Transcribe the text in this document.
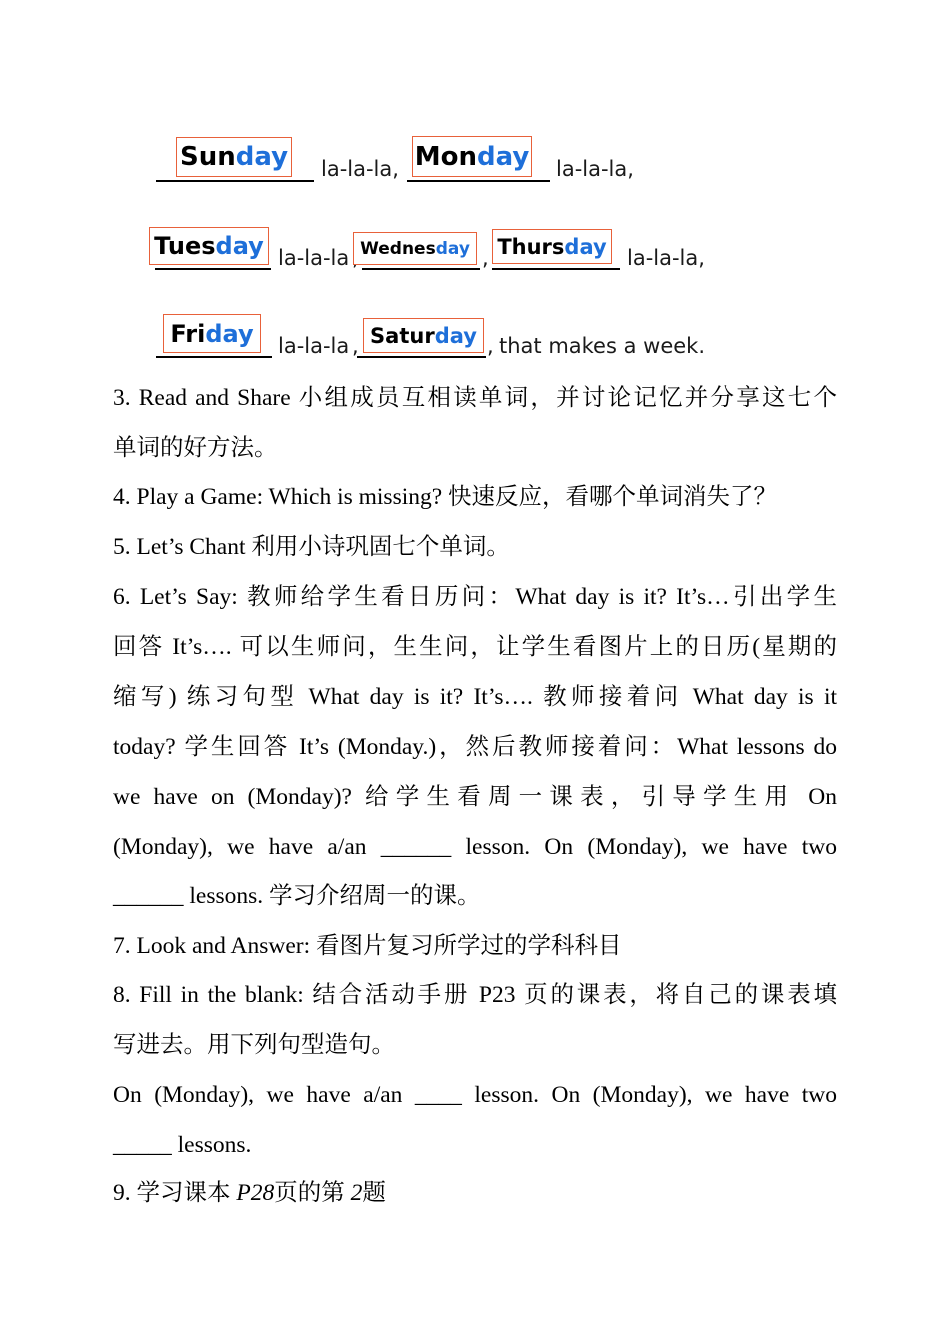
Sun day la-la-la, Mon day la-la-la,
Tues day la-la-la Wednes day , Thurs day la-la-la,
Fri day la-la-la , Satur day , that makes a week.
3. Read and Share 小组成员互相读单词，并讨论记忆并分享这七个
单词的好方法。
4. Play a Game: Which is missing? 快速反应，看哪个单词消失了？
5. Let’s Chant 利用小诗巩固七个单词。
6. Let’s Say: 教师给学生看日历问：What day is it? It’s…引出学生
回答 It’s…. 可以生师问，生生问，让学生看图片上的日历(星期的
缩写) 练习句型 What day is it? It’s…. 教师接着问 What day is it
today? 学生回答 It’s (Monday.)，然后教师接着问：What lessons do
we have on (Monday)? 给学生看周一课表，引导学生用 On
(Monday), we have a/an ______ lesson. On (Monday), we have two
______ lessons. 学习介绍周一的课。
7. Look and Answer: 看图片复习所学过的学科科目
8. Fill in the blank: 结合活动手册 P23 页的课表，将自己的课表填
写进去。用下列句型造句。
On (Monday), we have a/an ____ lesson. On (Monday), we have two
_____ lessons.
9. 学习课本 P28页的第 2题
